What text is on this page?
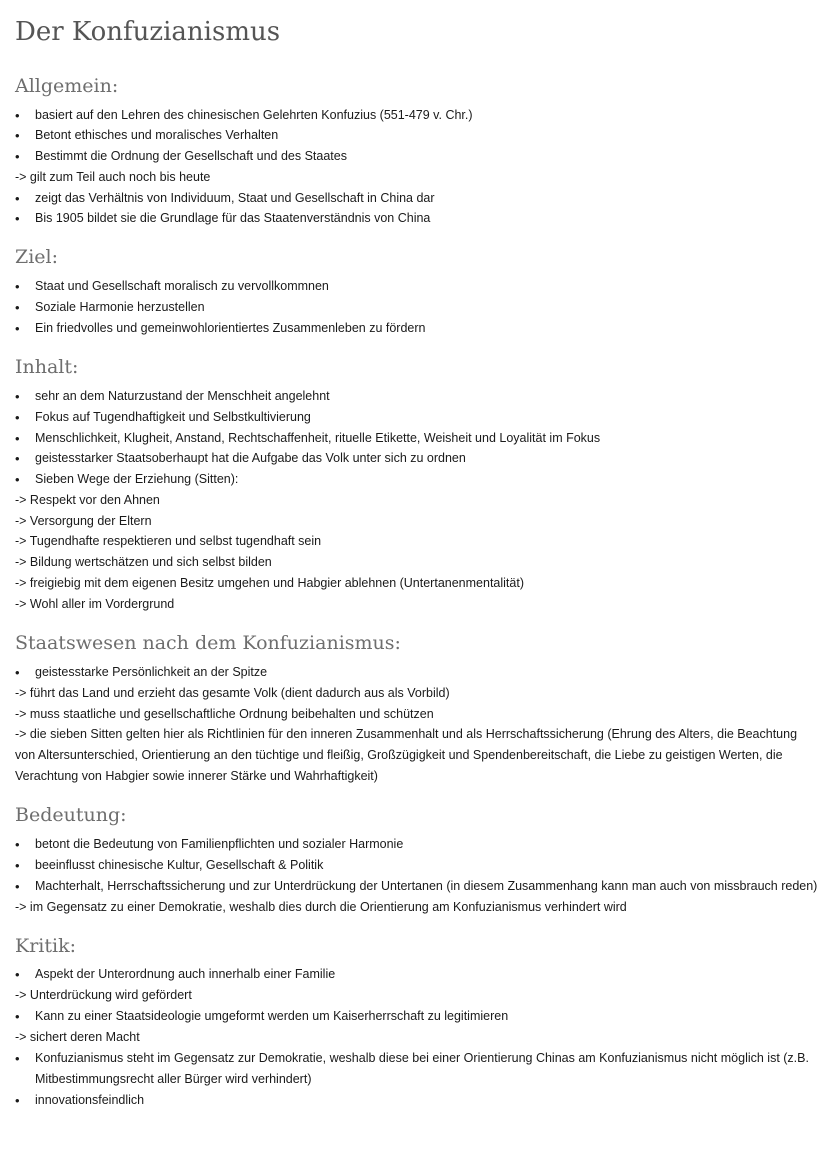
Der Konfuzianismus
Allgemein:
•	basiert auf den Lehren des chinesischen Gelehrten Konfuzius (551-479 v. Chr.)
•	Betont ethisches und moralisches Verhalten
•	Bestimmt die Ordnung der Gesellschaft und des Staates
-> gilt zum Teil auch noch bis heute
•	zeigt das Verhältnis von Individuum, Staat und Gesellschaft in China dar
•	Bis 1905 bildet sie die Grundlage für das Staatenverständnis von China
Ziel:
•	Staat und Gesellschaft moralisch zu vervollkommnen
•	Soziale Harmonie herzustellen
•	Ein friedvolles und gemeinwohlorientiertes Zusammenleben zu fördern
Inhalt:
•	sehr an dem Naturzustand der Menschheit angelehnt
•	Fokus auf Tugendhaftigkeit und Selbstkultivierung
•	Menschlichkeit, Klugheit, Anstand, Rechtschaffenheit, rituelle Etikette, Weisheit und Loyalität im Fokus
•	geistesstarker Staatsoberhaupt hat die Aufgabe das Volk unter sich zu ordnen
•	Sieben Wege der Erziehung (Sitten):
-> Respekt vor den Ahnen
-> Versorgung der Eltern
-> Tugendhafte respektieren und selbst tugendhaft sein
-> Bildung wertschätzen und sich selbst bilden
-> freigiebig mit dem eigenen Besitz umgehen und Habgier ablehnen (Untertanenmentalität)
-> Wohl aller im Vordergrund
Staatswesen nach dem Konfuzianismus:
•	geistesstarke Persönlichkeit an der Spitze
-> führt das Land und erzieht das gesamte Volk (dient dadurch aus als Vorbild)
-> muss staatliche und gesellschaftliche Ordnung beibehalten und schützen

-> die sieben Sitten gelten hier als Richtlinien für den inneren Zusammenhalt und als Herrschaftssicherung (Ehrung des Alters, die Beachtung von Altersunterschied, Orientierung an den tüchtige und fleißig, Großzügigkeit und Spendenbereitschaft, die Liebe zu geistigen Werten, die Verachtung von Habgier sowie innerer Stärke und Wahrhaftigkeit)

Bedeutung:
•	betont die Bedeutung von Familienpflichten und sozialer Harmonie
•	beeinflusst chinesische Kultur, Gesellschaft & Politik
•	Machterhalt, Herrschaftssicherung und zur Unterdrückung der Untertanen (in diesem Zusammenhang kann man auch von missbrauch reden)
-> im Gegensatz zu einer Demokratie, weshalb dies durch die Orientierung am Konfuzianismus verhindert wird
Kritik:
•	Aspekt der Unterordnung auch innerhalb einer Familie
-> Unterdrückung wird gefördert
•	Kann zu einer Staatsideologie umgeformt werden um Kaiserherrschaft zu legitimieren
-> sichert deren Macht
•	Konfuzianismus steht im Gegensatz zur Demokratie, weshalb diese bei einer Orientierung Chinas am Konfuzianismus nicht möglich ist (z.B.
Mitbestimmungsrecht aller Bürger wird verhindert)
•	innovationsfeindlich
